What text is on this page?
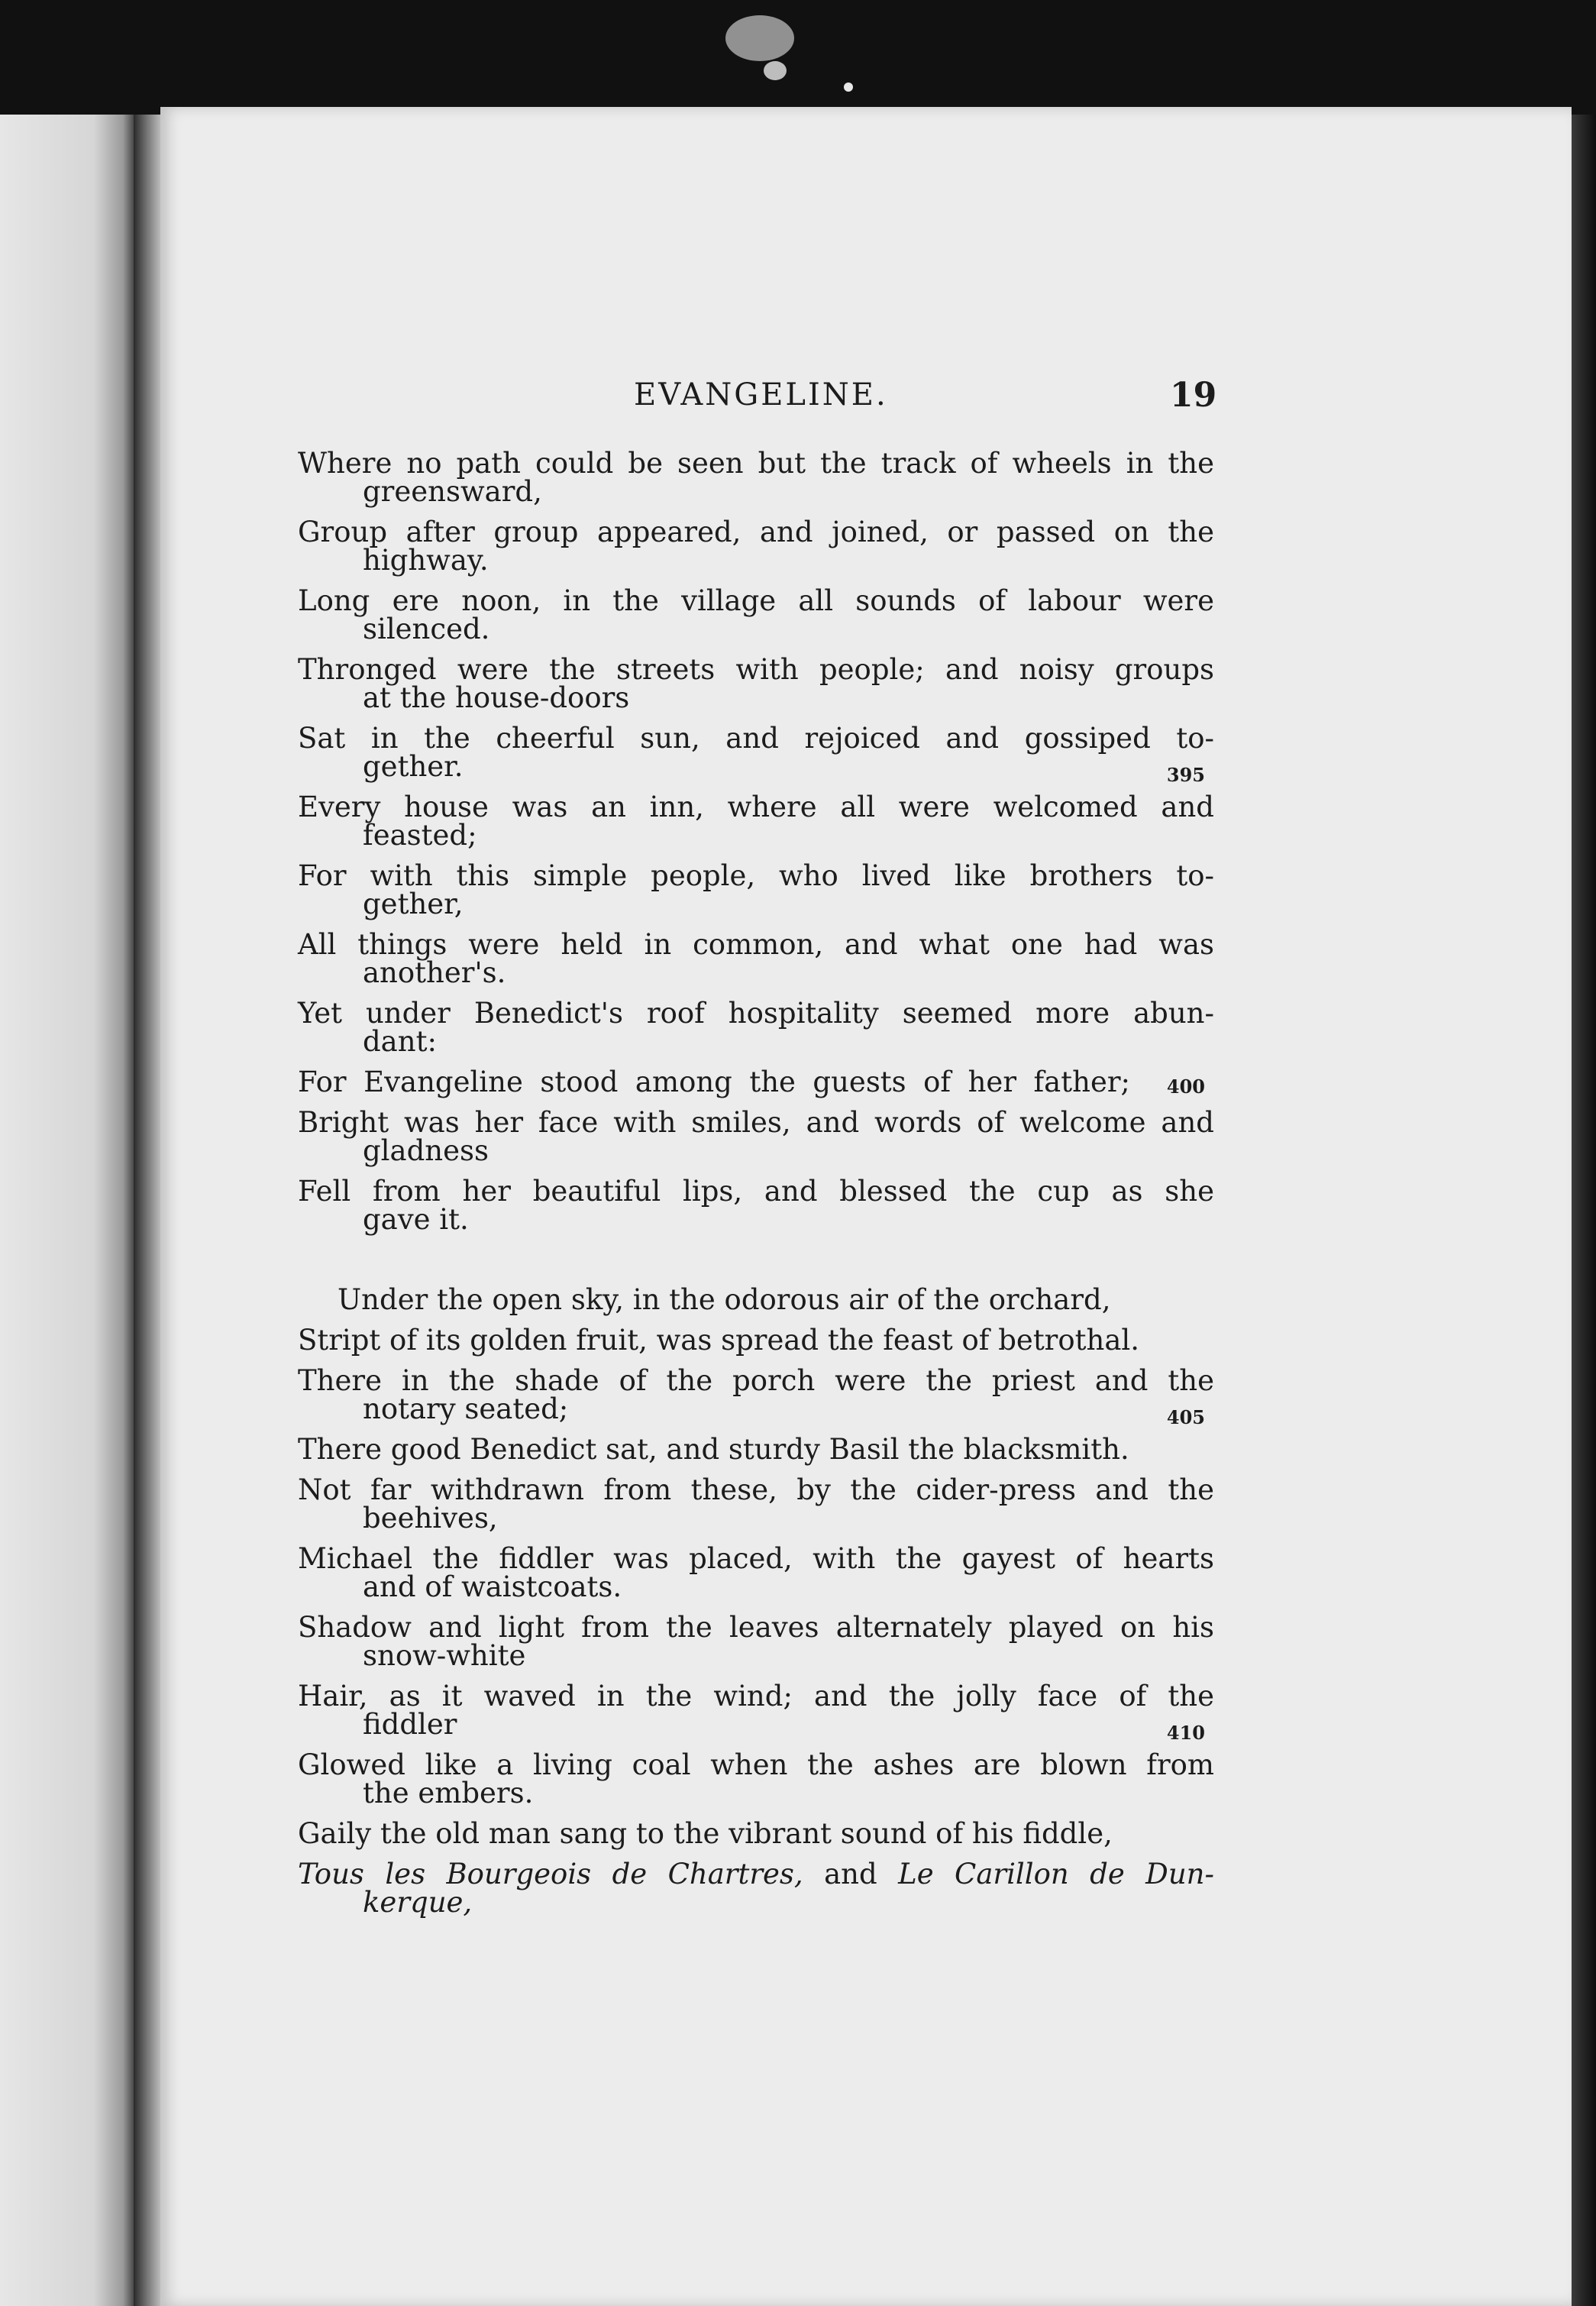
EVANGELINE.	19
Where no path could be seen but the track of wheels in the
greensward,
Group after group appeared, and joined, or passed on the
highway.
Long ere noon, in the village all sounds of labour were
silenced.
Thronged were the streets with people; and noisy groups
at the house-doors
Sat in the cheerful sun, and rejoiced and gossiped to-
gether.	395
Every house was an inn, where all were welcomed and
feasted;
For with this simple people, who lived like brothers to-
gether,
All things were held in common, and what one had was
another's.
Yet under Benedict's roof hospitality seemed more abun-
dant:
For Evangeline stood among the guests of her father;	400
Bright was her face with smiles, and words of welcome and
gladness
Fell from her beautiful lips, and blessed the cup as she
gave it.
Under the open sky, in the odorous air of the orchard,
Stript of its golden fruit, was spread the feast of betrothal.
There in the shade of the porch were the priest and the
notary seated;	405
There good Benedict sat, and sturdy Basil the blacksmith.
Not far withdrawn from these, by the cider-press and the
beehives,
Michael the fiddler was placed, with the gayest of hearts
and of waistcoats.
Shadow and light from the leaves alternately played on his
snow-white
Hair, as it waved in the wind; and the jolly face of the
fiddler	410
Glowed like a living coal when the ashes are blown from
the embers.
Gaily the old man sang to the vibrant sound of his fiddle,
Tous les Bourgeois de Chartres, and Le Carillon de Dun-
kerque,
